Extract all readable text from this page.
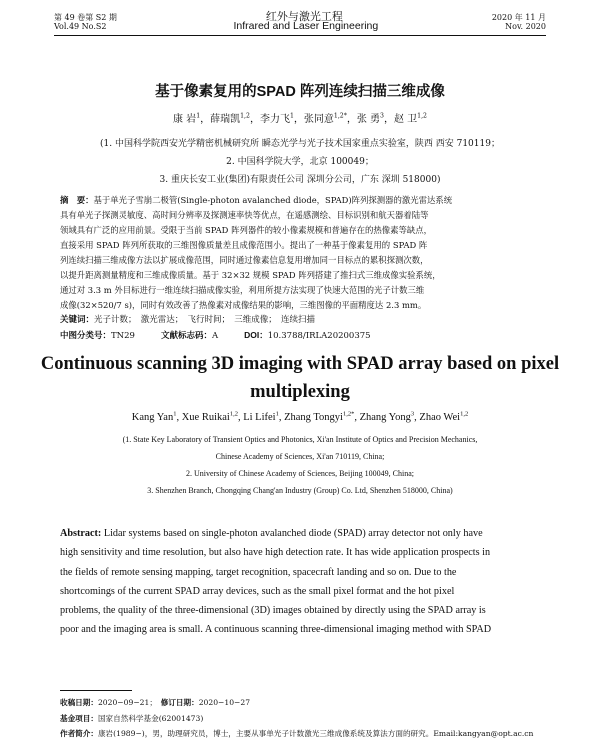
第 49 卷第 S2 期	红外与激光工程	2020 年 11 月
Vol.49 No.S2	Infrared and Laser Engineering	Nov. 2020
基于像素复用的SPAD 阵列连续扫描三维成像
康 岩$^1$，薛瑞凯$^{1,2}$，李力飞$^1$，张同意$^{1,2*}$，张 勇$^3$，赵 卫$^{1,2}$
(1. 中国科学院西安光学精密机械研究所 瞬态光学与光子技术国家重点实验室，陕西 西安 710119；
2. 中国科学院大学，北京 100049；
3. 重庆长安工业(集团)有限责任公司 深圳分公司，广东 深圳 518000)
摘　要：基于单光子雪崩二极管(Single-photon avalanched diode，SPAD)阵列探测器的激光雷达系统
具有单光子探测灵敏度、高时间分辨率及探测速率快等优点，在遥感测绘、目标识别和航天器着陆等
领域具有广泛的应用前景。受限于当前 SPAD 阵列器件的较小像素规模和普遍存在的热像素等缺点，
直接采用 SPAD 阵列所获取的三维图像质量差且成像范围小。提出了一种基于像素复用的 SPAD 阵
列连续扫描三维成像方法以扩展成像范围，同时通过像素信息复用增加同一目标点的累积探测次数，
以提升距离测量精度和三维成像质量。基于 32×32 规模 SPAD 阵列搭建了推扫式三维成像实验系统，
通过对 3.3 m 外目标进行一维连续扫描成像实验，利用所提方法实现了快速大范围的光子计数三维
成像(32×520/7 s)，同时有效改善了热像素对成像结果的影响，三维图像的平面精度达 2.3 mm。
关键词：光子计数；　激光雷达；　飞行时间；　三维成像；　连续扫描
中图分类号：TN29	文献标志码：A	DOI：10.3788/IRLA20200375
Continuous scanning 3D imaging with SPAD array based on pixel multiplexing
Kang Yan$^1$, Xue Ruikai$^{1,2}$, Li Lifei$^1$, Zhang Tongyi$^{1,2*}$, Zhang Yong$^3$, Zhao Wei$^{1,2}$
(1. State Key Laboratory of Transient Optics and Photonics, Xi'an Institute of Optics and Precision Mechanics,
Chinese Academy of Sciences, Xi'an 710119, China;
2. University of Chinese Academy of Sciences, Beijing 100049, China;
3. Shenzhen Branch, Chongqing Chang'an Industry (Group) Co. Ltd, Shenzhen 518000, China)
Abstract: Lidar systems based on single-photon avalanched diode (SPAD) array detector not only have
high sensitivity and time resolution, but also have high detection rate. It has wide application prospects in
the fields of remote sensing mapping, target recognition, spacecraft landing and so on. Due to the
shortcomings of the current SPAD array devices, such as the small pixel format and the hot pixel
problems, the quality of the three-dimensional (3D) images obtained by directly using the SPAD array is
poor and the imaging area is small. A continuous scanning three-dimensional imaging method with SPAD
收稿日期：2020−09−21；　 修订日期：2020−10−27
基金项目：国家自然科学基金(62001473)
作者简介：康岩(1989−)，男，助理研究员，博士，主要从事单光子计数激光三维成像系统及算法方面的研究。Email:kangyan@opt.ac.cn
